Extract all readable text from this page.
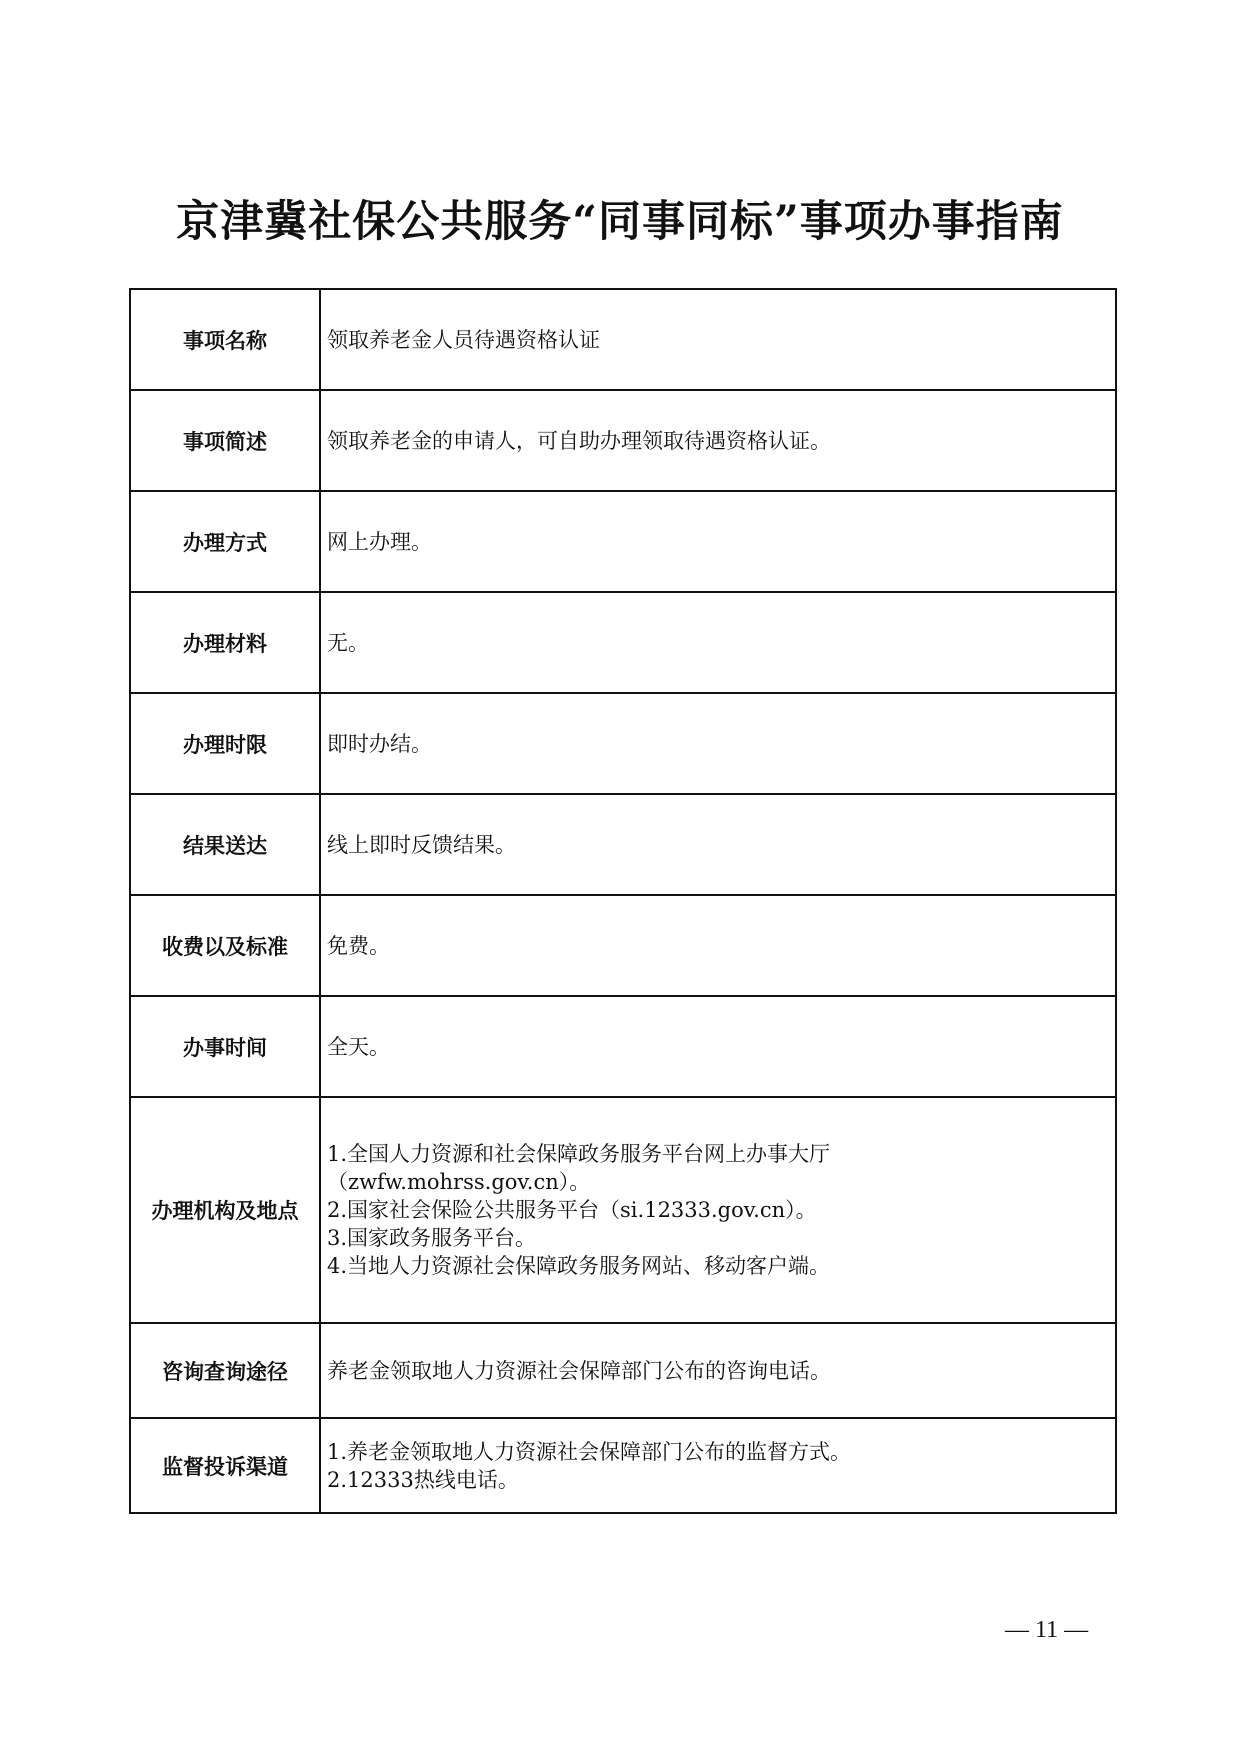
京津冀社保公共服务“同事同标”事项办事指南
事项名称	领取养老金人员待遇资格认证
事项简述	领取养老金的申请人，可自助办理领取待遇资格认证。
办理方式	网上办理。
办理材料	无。
办理时限	即时办结。
结果送达	线上即时反馈结果。
收费以及标准	免费。
办事时间	全天。
办理机构及地点	1.全国人力资源和社会保障政务服务平台网上办事大厅
（zwfw.mohrss.gov.cn）。
2.国家社会保险公共服务平台（si.12333.gov.cn）。
3.国家政务服务平台。
4.当地人力资源社会保障政务服务网站、移动客户端。

咨询查询途径	养老金领取地人力资源社会保障部门公布的咨询电话。
监督投诉渠道	1.养老金领取地人力资源社会保障部门公布的监督方式。
2.12333热线电话。
— 11 —
